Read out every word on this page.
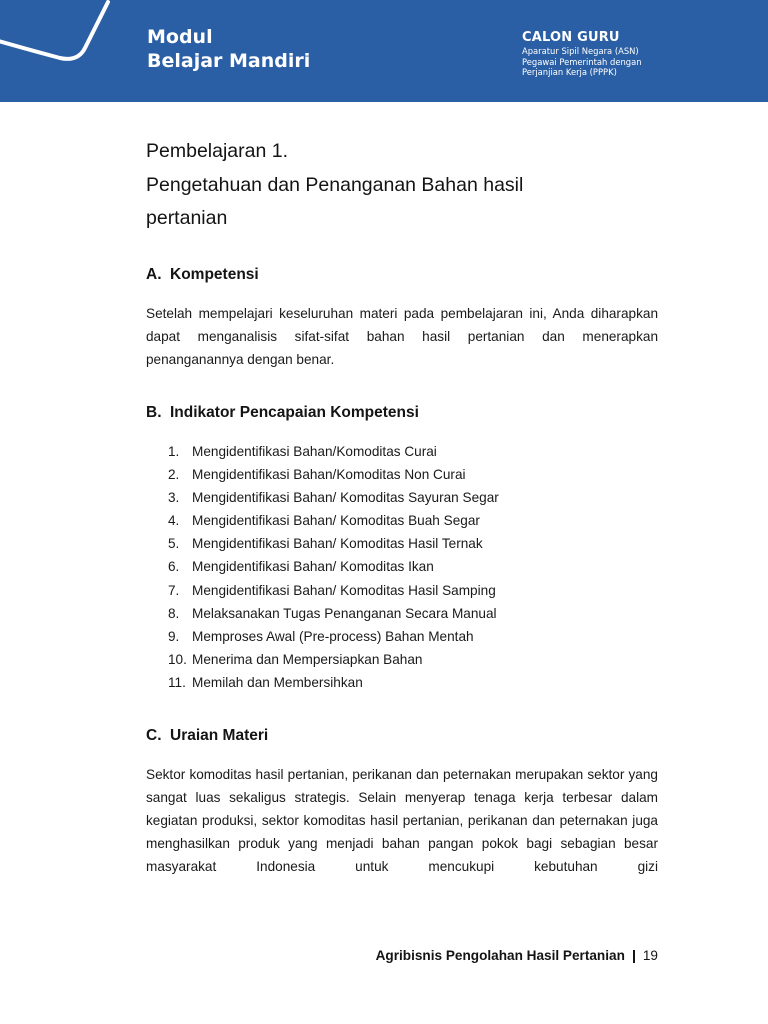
Modul
Belajar Mandiri
CALON GURU
Aparatur Sipil Negara (ASN)
Pegawai Pemerintah dengan
Perjanjian Kerja (PPPK)
Pembelajaran 1.
Pengetahuan dan Penanganan Bahan hasil
pertanian
A. Kompetensi

Setelah mempelajari keseluruhan materi pada pembelajaran ini, Anda diharapkan dapat menganalisis sifat-sifat bahan hasil pertanian dan menerapkan penanganannya dengan benar.

B. Indikator Pencapaian Kompetensi
1. Mengidentifikasi Bahan/Komoditas Curai
2. Mengidentifikasi Bahan/Komoditas Non Curai
3. Mengidentifikasi Bahan/ Komoditas Sayuran Segar
4. Mengidentifikasi Bahan/ Komoditas Buah Segar
5. Mengidentifikasi Bahan/ Komoditas Hasil Ternak
6. Mengidentifikasi Bahan/ Komoditas Ikan
7. Mengidentifikasi Bahan/ Komoditas Hasil Samping
8. Melaksanakan Tugas Penanganan Secara Manual
9. Memproses Awal (Pre-process) Bahan Mentah
10. Menerima dan Mempersiapkan Bahan
11. Memilah dan Membersihkan
C. Uraian Materi

Sektor komoditas hasil pertanian, perikanan dan peternakan merupakan sektor yang sangat luas sekaligus strategis. Selain menyerap tenaga kerja terbesar dalam kegiatan produksi, sektor komoditas hasil pertanian, perikanan dan peternakan juga menghasilkan produk yang menjadi bahan pangan pokok bagi sebagian besar masyarakat Indonesia untuk mencukupi kebutuhan gizi

Agribisnis Pengolahan Hasil Pertanian 19
